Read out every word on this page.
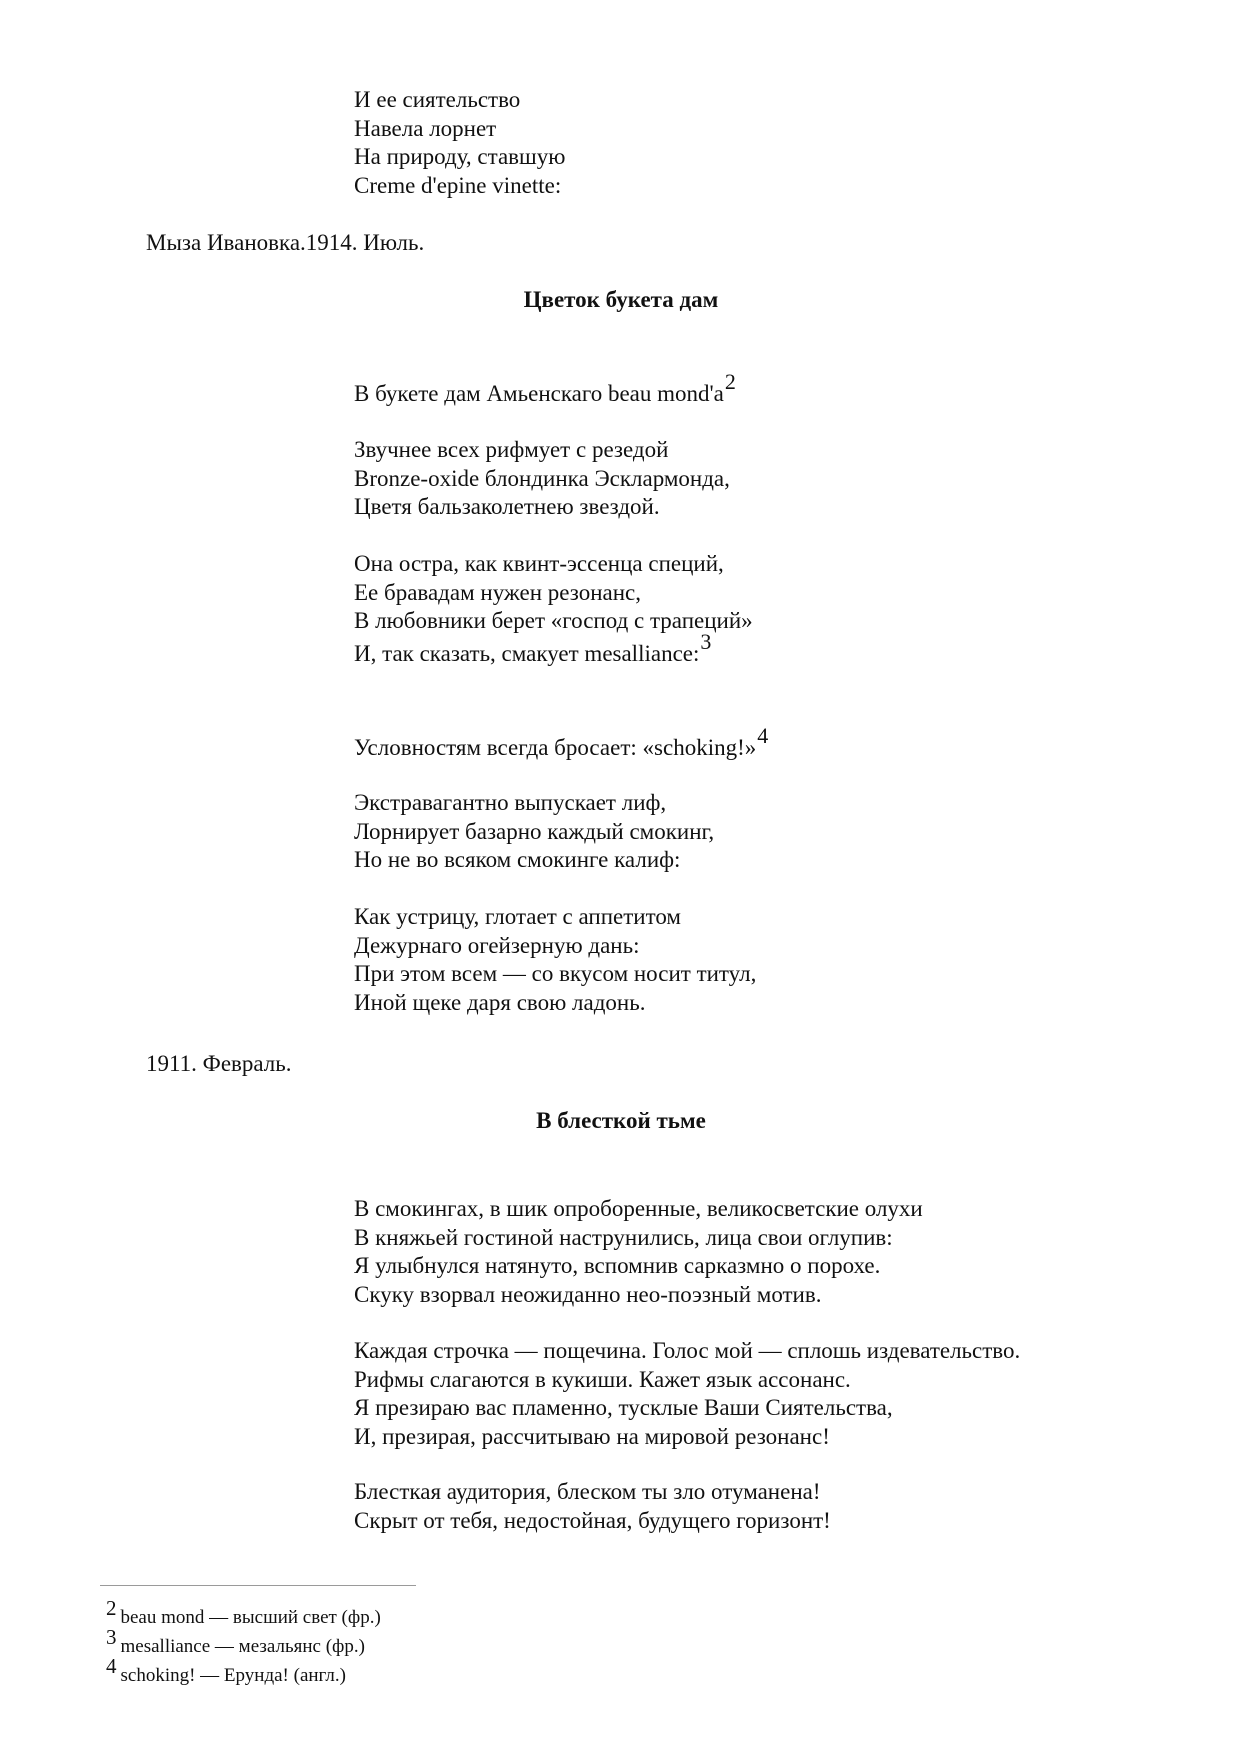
И ее сиятельство
Навела лорнет
На природу, ставшую
Creme d'epine vinette:
Мыза Ивановка.1914. Июль.
Цветок букета дам
В букете дам Амьенскаго beau mond'a2
Звучнее всех рифмует с резедой
Bronze-oxide блондинка Эсклармонда,
Цветя бальзаколетнею звездой.
Она остра, как квинт-эссенца специй,
Ее бравадам нужен резонанс,
В любовники берет «господ с трапеций»
И, так сказать, смакует mesalliance:3
Условностям всегда бросает: «schoking!»4
Экстравагантно выпускает лиф,
Лорнирует базарно каждый смокинг,
Но не во всяком смокинге калиф:
Как устрицу, глотает с аппетитом
Дежурнаго огейзерную дань:
При этом всем — со вкусом носит титул,
Иной щеке даря свою ладонь.
1911. Февраль.
В блесткой тьме
В смокингах, в шик опроборенные, великосветские олухи
В княжьей гостиной наструнились, лица свои оглупив:
Я улыбнулся натянуто, вспомнив сарказмно о порохе.
Скуку взорвал неожиданно нео-поэзный мотив.
Каждая строчка — пощечина. Голос мой — сплошь издевательство.
Рифмы слагаются в кукиши. Кажет язык ассонанс.
Я презираю вас пламенно, тусклые Ваши Сиятельства,
И, презирая, рассчитываю на мировой резонанс!
Блесткая аудитория, блеском ты зло отуманена!
Скрыт от тебя, недостойная, будущего горизонт!
2 beau mond — высший свет (фр.)
3 mesalliance — мезальянс (фр.)
4 schoking! — Ерунда! (англ.)
